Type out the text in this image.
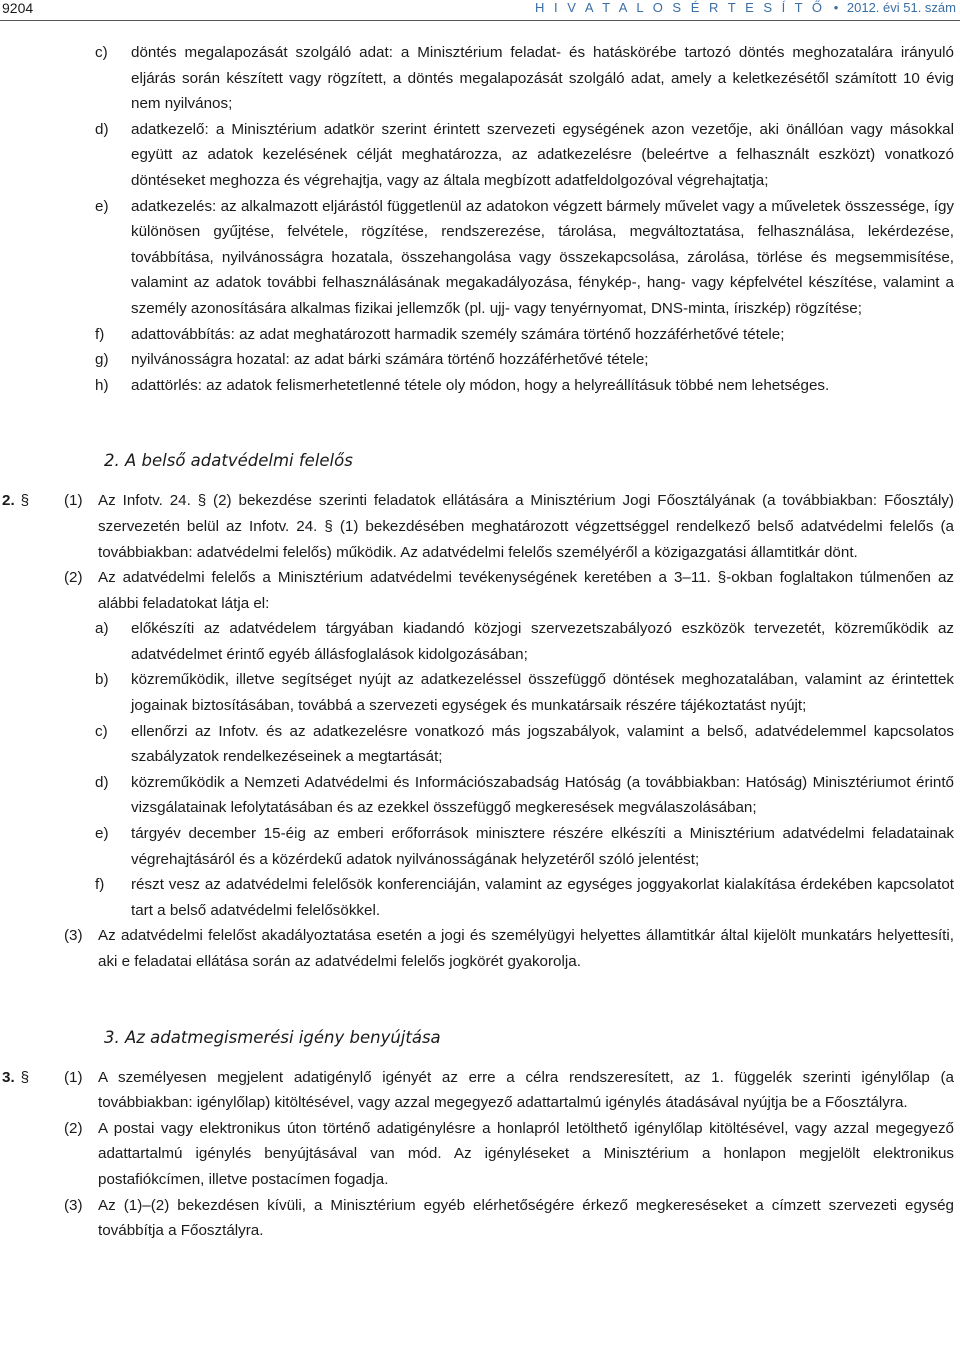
9204	H I V A T A L O S É R T E S Í T Ő • 2012. évi 51. szám
c) döntés megalapozását szolgáló adat: a Minisztérium feladat- és hatáskörébe tartozó döntés meghozatalára irányuló eljárás során készített vagy rögzített, a döntés megalapozását szolgáló adat, amely a keletkezésétől számított 10 évig nem nyilvános;
d) adatkezelő: a Minisztérium adatkör szerint érintett szervezeti egységének azon vezetője, aki önállóan vagy másokkal együtt az adatok kezelésének célját meghatározza, az adatkezelésre (beleértve a felhasznált eszközt) vonatkozó döntéseket meghozza és végrehajtja, vagy az általa megbízott adatfeldolgozóval végrehajtatja;
e) adatkezelés: az alkalmazott eljárástól függetlenül az adatokon végzett bármely művelet vagy a műveletek összessége, így különösen gyűjtése, felvétele, rögzítése, rendszerezése, tárolása, megváltoztatása, felhasználása, lekérdezése, továbbítása, nyilvánosságra hozatala, összehangolása vagy összekapcsolása, zárolása, törlése és megsemmisítése, valamint az adatok további felhasználásának megakadályozása, fénykép-, hang- vagy képfelvétel készítése, valamint a személy azonosítására alkalmas fizikai jellemzők (pl. ujj- vagy tenyérnyomat, DNS-minta, íriszkép) rögzítése;
f) adattovábbítás: az adat meghatározott harmadik személy számára történő hozzáférhetővé tétele;
g) nyilvánosságra hozatal: az adat bárki számára történő hozzáférhetővé tétele;
h) adattörlés: az adatok felismerhetetlenné tétele oly módon, hogy a helyreállításuk többé nem lehetséges.
2. A belső adatvédelmi felelős
2. § (1) Az Infotv. 24. § (2) bekezdése szerinti feladatok ellátására a Minisztérium Jogi Főosztályának (a továbbiakban: Főosztály) szervezetén belül az Infotv. 24. § (1) bekezdésében meghatározott végzettséggel rendelkező belső adatvédelmi felelős (a továbbiakban: adatvédelmi felelős) működik. Az adatvédelmi felelős személyéről a közigazgatási államtitkár dönt.
(2) Az adatvédelmi felelős a Minisztérium adatvédelmi tevékenységének keretében a 3–11. §-okban foglaltakon túlmenően az alábbi feladatokat látja el:
a) előkészíti az adatvédelem tárgyában kiadandó közjogi szervezetszabályozó eszközök tervezetét, közreműködik az adatvédelmet érintő egyéb állásfoglalások kidolgozásában;
b) közreműködik, illetve segítséget nyújt az adatkezeléssel összefüggő döntések meghozatalában, valamint az érintettek jogainak biztosításában, továbbá a szervezeti egységek és munkatársaik részére tájékoztatást nyújt;
c) ellenőrzi az Infotv. és az adatkezelésre vonatkozó más jogszabályok, valamint a belső, adatvédelemmel kapcsolatos szabályzatok rendelkezéseinek a megtartását;
d) közreműködik a Nemzeti Adatvédelmi és Információszabadság Hatóság (a továbbiakban: Hatóság) Minisztériumot érintő vizsgálatainak lefolytatásában és az ezekkel összefüggő megkeresések megválaszolásában;
e) tárgyév december 15-éig az emberi erőforrások minisztere részére elkészíti a Minisztérium adatvédelmi feladatainak végrehajtásáról és a közérdekű adatok nyilvánosságának helyzetéről szóló jelentést;
f) részt vesz az adatvédelmi felelősök konferenciáján, valamint az egységes joggyakorlat kialakítása érdekében kapcsolatot tart a belső adatvédelmi felelősökkel.
(3) Az adatvédelmi felelőst akadályoztatása esetén a jogi és személyügyi helyettes államtitkár által kijelölt munkatárs helyettesíti, aki e feladatai ellátása során az adatvédelmi felelős jogkörét gyakorolja.
3. Az adatmegismerési igény benyújtása
3. § (1) A személyesen megjelent adatigénylő igényét az erre a célra rendszeresített, az 1. függelék szerinti igénylőlap (a továbbiakban: igénylőlap) kitöltésével, vagy azzal megegyező adattartalmú igénylés átadásával nyújtja be a Főosztályra.
(2) A postai vagy elektronikus úton történő adatigénylésre a honlapról letölthető igénylőlap kitöltésével, vagy azzal megegyező adattartalmú igénylés benyújtásával van mód. Az igényléseket a Minisztérium a honlapon megjelölt elektronikus postafiókcímen, illetve postacímen fogadja.
(3) Az (1)–(2) bekezdésen kívüli, a Minisztérium egyéb elérhetőségére érkező megkereséseket a címzett szervezeti egység továbbítja a Főosztályra.
